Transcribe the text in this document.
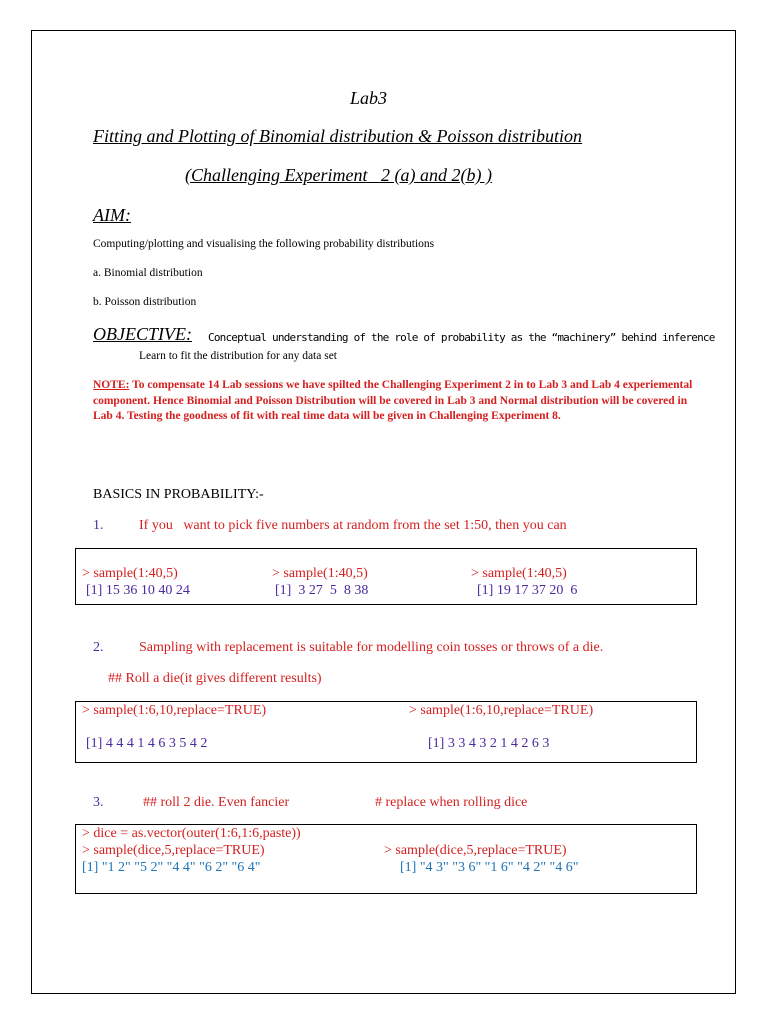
Lab3
Fitting and Plotting of Binomial distribution & Poisson distribution
(Challenging Experiment   2 (a) and 2(b) )
AIM:
Computing/plotting and visualising the following probability distributions
a. Binomial distribution
b. Poisson distribution
OBJECTIVE: Conceptual understanding of the role of probability as the “machinery” behind inference
Learn to fit the distribution for any data set
NOTE: To compensate 14 Lab sessions we have spilted the Challenging Experiment 2 in to Lab 3 and Lab 4 experiemental component. Hence Binomial and Poisson Distribution will be covered in Lab 3 and Normal distribution will be covered in Lab 4. Testing the goodness of fit with real time data will be given in Challenging Experiment 8.
BASICS IN PROBABILITY:-
1.	If you   want to pick five numbers at random from the set 1:50, then you can
> sample(1:40,5)
[1] 15 36 10 40 24
> sample(1:40,5)
[1]  3 27  5  8 38
> sample(1:40,5)
[1] 19 17 37 20  6
2.	Sampling with replacement is suitable for modelling coin tosses or throws of a die.
## Roll a die(it gives different results)
> sample(1:6,10,replace=TRUE)
[1] 4 4 4 1 4 6 3 5 4 2
> sample(1:6,10,replace=TRUE)
[1] 3 3 4 3 2 1 4 2 6 3
3.	## roll 2 die. Even fancier	# replace when rolling dice
> dice = as.vector(outer(1:6,1:6,paste))
> sample(dice,5,replace=TRUE)
[1] "1 2" "5 2" "4 4" "6 2" "6 4"
> sample(dice,5,replace=TRUE)
[1] "4 3" "3 6" "1 6" "4 2" "4 6"
